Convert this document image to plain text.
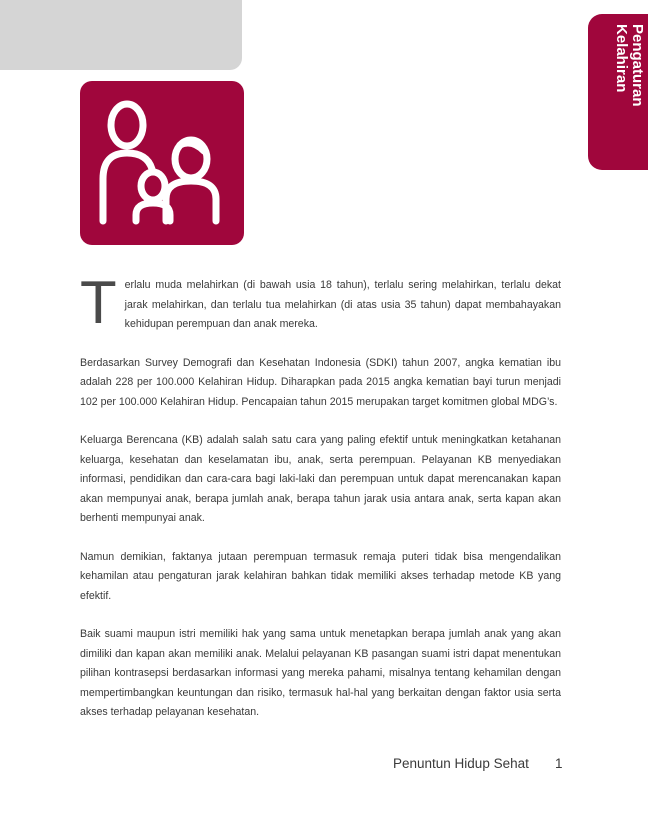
Pengaturan
Kelahiran

Terlalu muda melahirkan (di bawah usia 18 tahun), terlalu sering melahirkan, terlalu dekat jarak melahirkan, dan terlalu tua melahirkan (di atas usia 35 tahun) dapat membahayakan kehidupan perempuan dan anak mereka.

Berdasarkan Survey Demografi dan Kesehatan Indonesia (SDKI) tahun 2007, angka kematian ibu adalah 228 per 100.000 Kelahiran Hidup. Diharapkan pada 2015 angka kematian bayi turun menjadi 102 per 100.000 Kelahiran Hidup. Pencapaian tahun 2015 merupakan target komitmen global MDG’s.

Keluarga Berencana (KB) adalah salah satu cara yang paling efektif untuk meningkatkan ketahanan keluarga, kesehatan dan keselamatan ibu, anak, serta perempuan. Pelayanan KB menyediakan informasi, pendidikan dan cara-cara bagi laki-laki dan perempuan untuk dapat merencanakan kapan akan mempunyai anak, berapa jumlah anak, berapa tahun jarak usia antara anak, serta kapan akan berhenti mempunyai anak.

Namun demikian, faktanya jutaan perempuan termasuk remaja puteri tidak bisa mengendalikan kehamilan atau pengaturan jarak kelahiran bahkan tidak memiliki akses terhadap metode KB yang efektif.

Baik suami maupun istri memiliki hak yang sama untuk menetapkan berapa jumlah anak yang akan dimiliki dan kapan akan memiliki anak. Melalui pelayanan KB pasangan suami istri dapat menentukan pilihan kontrasepsi berdasarkan informasi yang mereka pahami, misalnya tentang kehamilan dengan mempertimbangkan keuntungan dan risiko, termasuk hal-hal yang berkaitan dengan faktor usia serta akses terhadap pelayanan kesehatan.

Penuntun Hidup Sehat 1
